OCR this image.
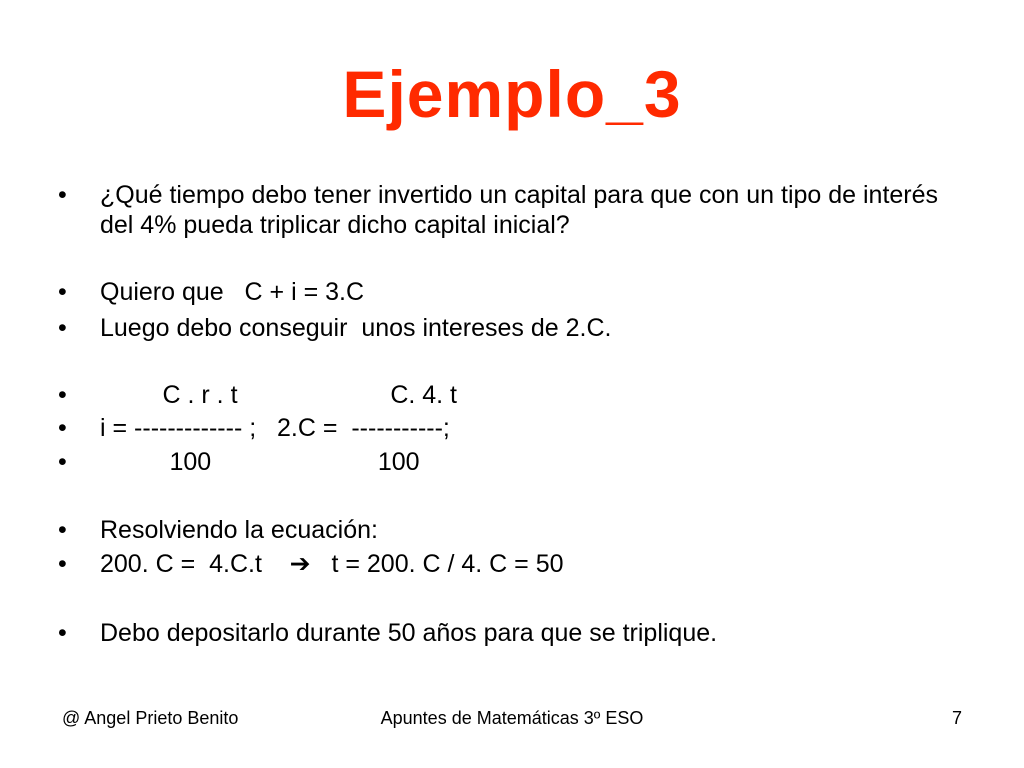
Ejemplo_3
•	¿Qué tiempo debo tener invertido un capital para que con un tipo de interés del 4% pueda triplicar dicho capital inicial?
•	Quiero que   C + i = 3.C
•	Luego debo conseguir  unos intereses de 2.C.
•	C . r . t                      C. 4. t
•	i = ------------- ;   2.C =  -----------;
•	100                        100
•	Resolviendo la ecuación:
•	200. C =  4.C.t    ➔   t = 200. C / 4. C = 50
•	Debo depositarlo durante 50 años para que se triplique.
@ Angel Prieto Benito	Apuntes de Matemáticas 3º ESO	7
